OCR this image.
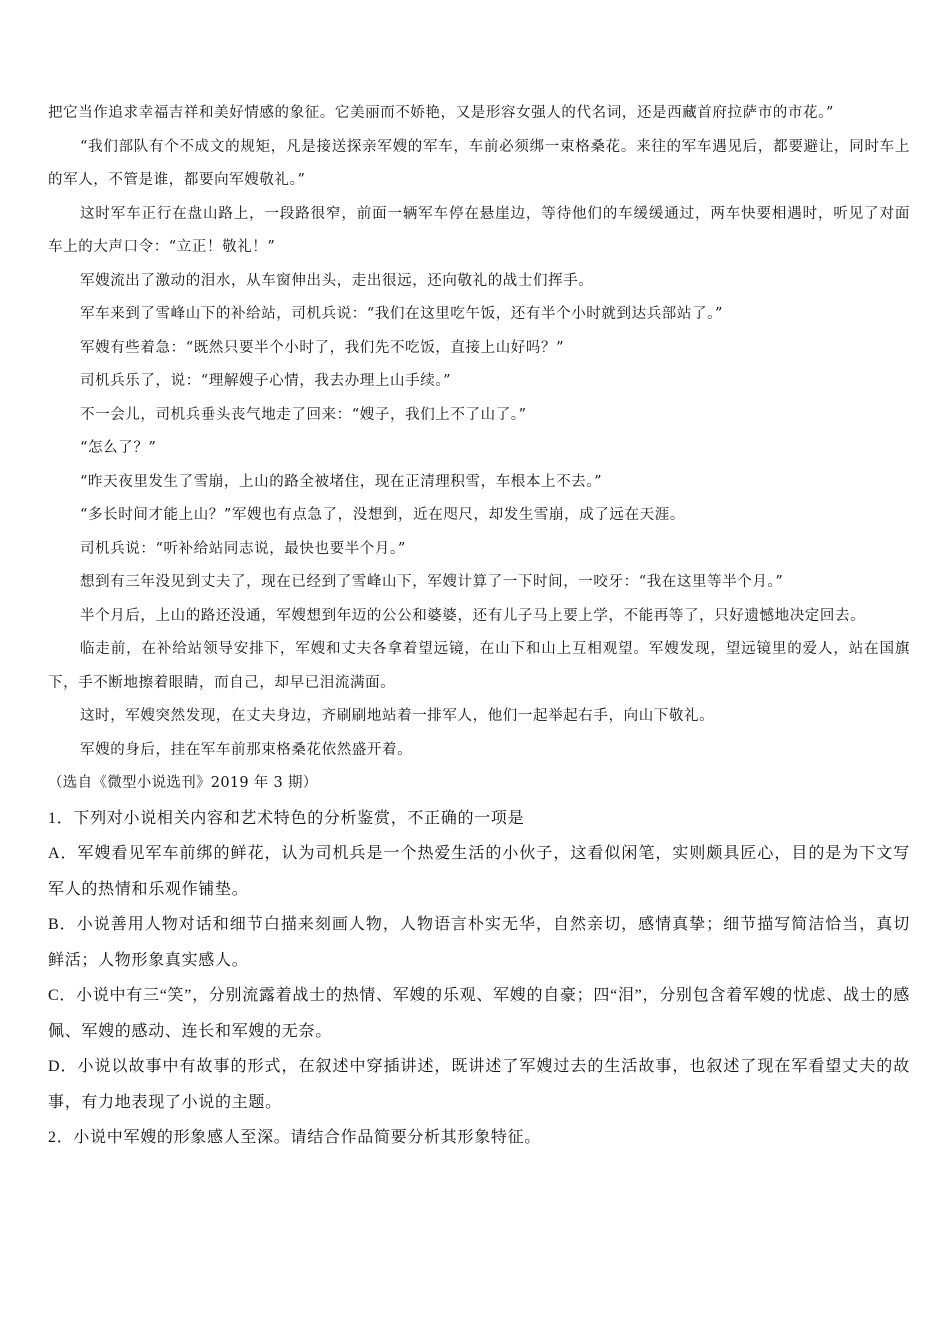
把它当作追求幸福吉祥和美好情感的象征。它美丽而不娇艳，又是形容女强人的代名词，还是西藏首府拉萨市的市花。”

“我们部队有个不成文的规矩，凡是接送探亲军嫂的军车，车前必须绑一束格桑花。来往的军车遇见后，都要避让，同时车上的军人，不管是谁，都要向军嫂敬礼。”

这时军车正行在盘山路上，一段路很窄，前面一辆军车停在悬崖边，等待他们的车缓缓通过，两车快要相遇时，听见了对面车上的大声口令：“立正！敬礼！”

军嫂流出了激动的泪水，从车窗伸出头，走出很远，还向敬礼的战士们挥手。

军车来到了雪峰山下的补给站，司机兵说：“我们在这里吃午饭，还有半个小时就到达兵部站了。”

军嫂有些着急：“既然只要半个小时了，我们先不吃饭，直接上山好吗？”

司机兵乐了，说：“理解嫂子心情，我去办理上山手续。”

不一会儿，司机兵垂头丧气地走了回来：“嫂子，我们上不了山了。”

“怎么了？”

“昨天夜里发生了雪崩，上山的路全被堵住，现在正清理积雪，车根本上不去。”

“多长时间才能上山？”军嫂也有点急了，没想到，近在咫尺，却发生雪崩，成了远在天涯。

司机兵说：“听补给站同志说，最快也要半个月。”

想到有三年没见到丈夫了，现在已经到了雪峰山下，军嫂计算了一下时间，一咬牙：“我在这里等半个月。”

半个月后，上山的路还没通，军嫂想到年迈的公公和婆婆，还有儿子马上要上学，不能再等了，只好遗憾地决定回去。

临走前，在补给站领导安排下，军嫂和丈夫各拿着望远镜，在山下和山上互相观望。军嫂发现，望远镜里的爱人，站在国旗下，手不断地擦着眼睛，而自己，却早已泪流满面。

这时，军嫂突然发现，在丈夫身边，齐刷刷地站着一排军人，他们一起举起右手，向山下敬礼。

军嫂的身后，挂在军车前那束格桑花依然盛开着。

（选自《微型小说选刊》2019 年 3 期）

1．下列对小说相关内容和艺术特色的分析鉴赏，不正确的一项是

A．军嫂看见军车前绑的鲜花，认为司机兵是一个热爱生活的小伙子，这看似闲笔，实则颇具匠心，目的是为下文写军人的热情和乐观作铺垫。

B．小说善用人物对话和细节白描来刻画人物，人物语言朴实无华，自然亲切，感情真挚；细节描写简洁恰当，真切鲜活；人物形象真实感人。

C．小说中有三“笑”，分别流露着战士的热情、军嫂的乐观、军嫂的自豪；四“泪”，分别包含着军嫂的忧虑、战士的感佩、军嫂的感动、连长和军嫂的无奈。

D．小说以故事中有故事的形式，在叙述中穿插讲述，既讲述了军嫂过去的生活故事，也叙述了现在军看望丈夫的故事，有力地表现了小说的主题。

2．小说中军嫂的形象感人至深。请结合作品简要分析其形象特征。
